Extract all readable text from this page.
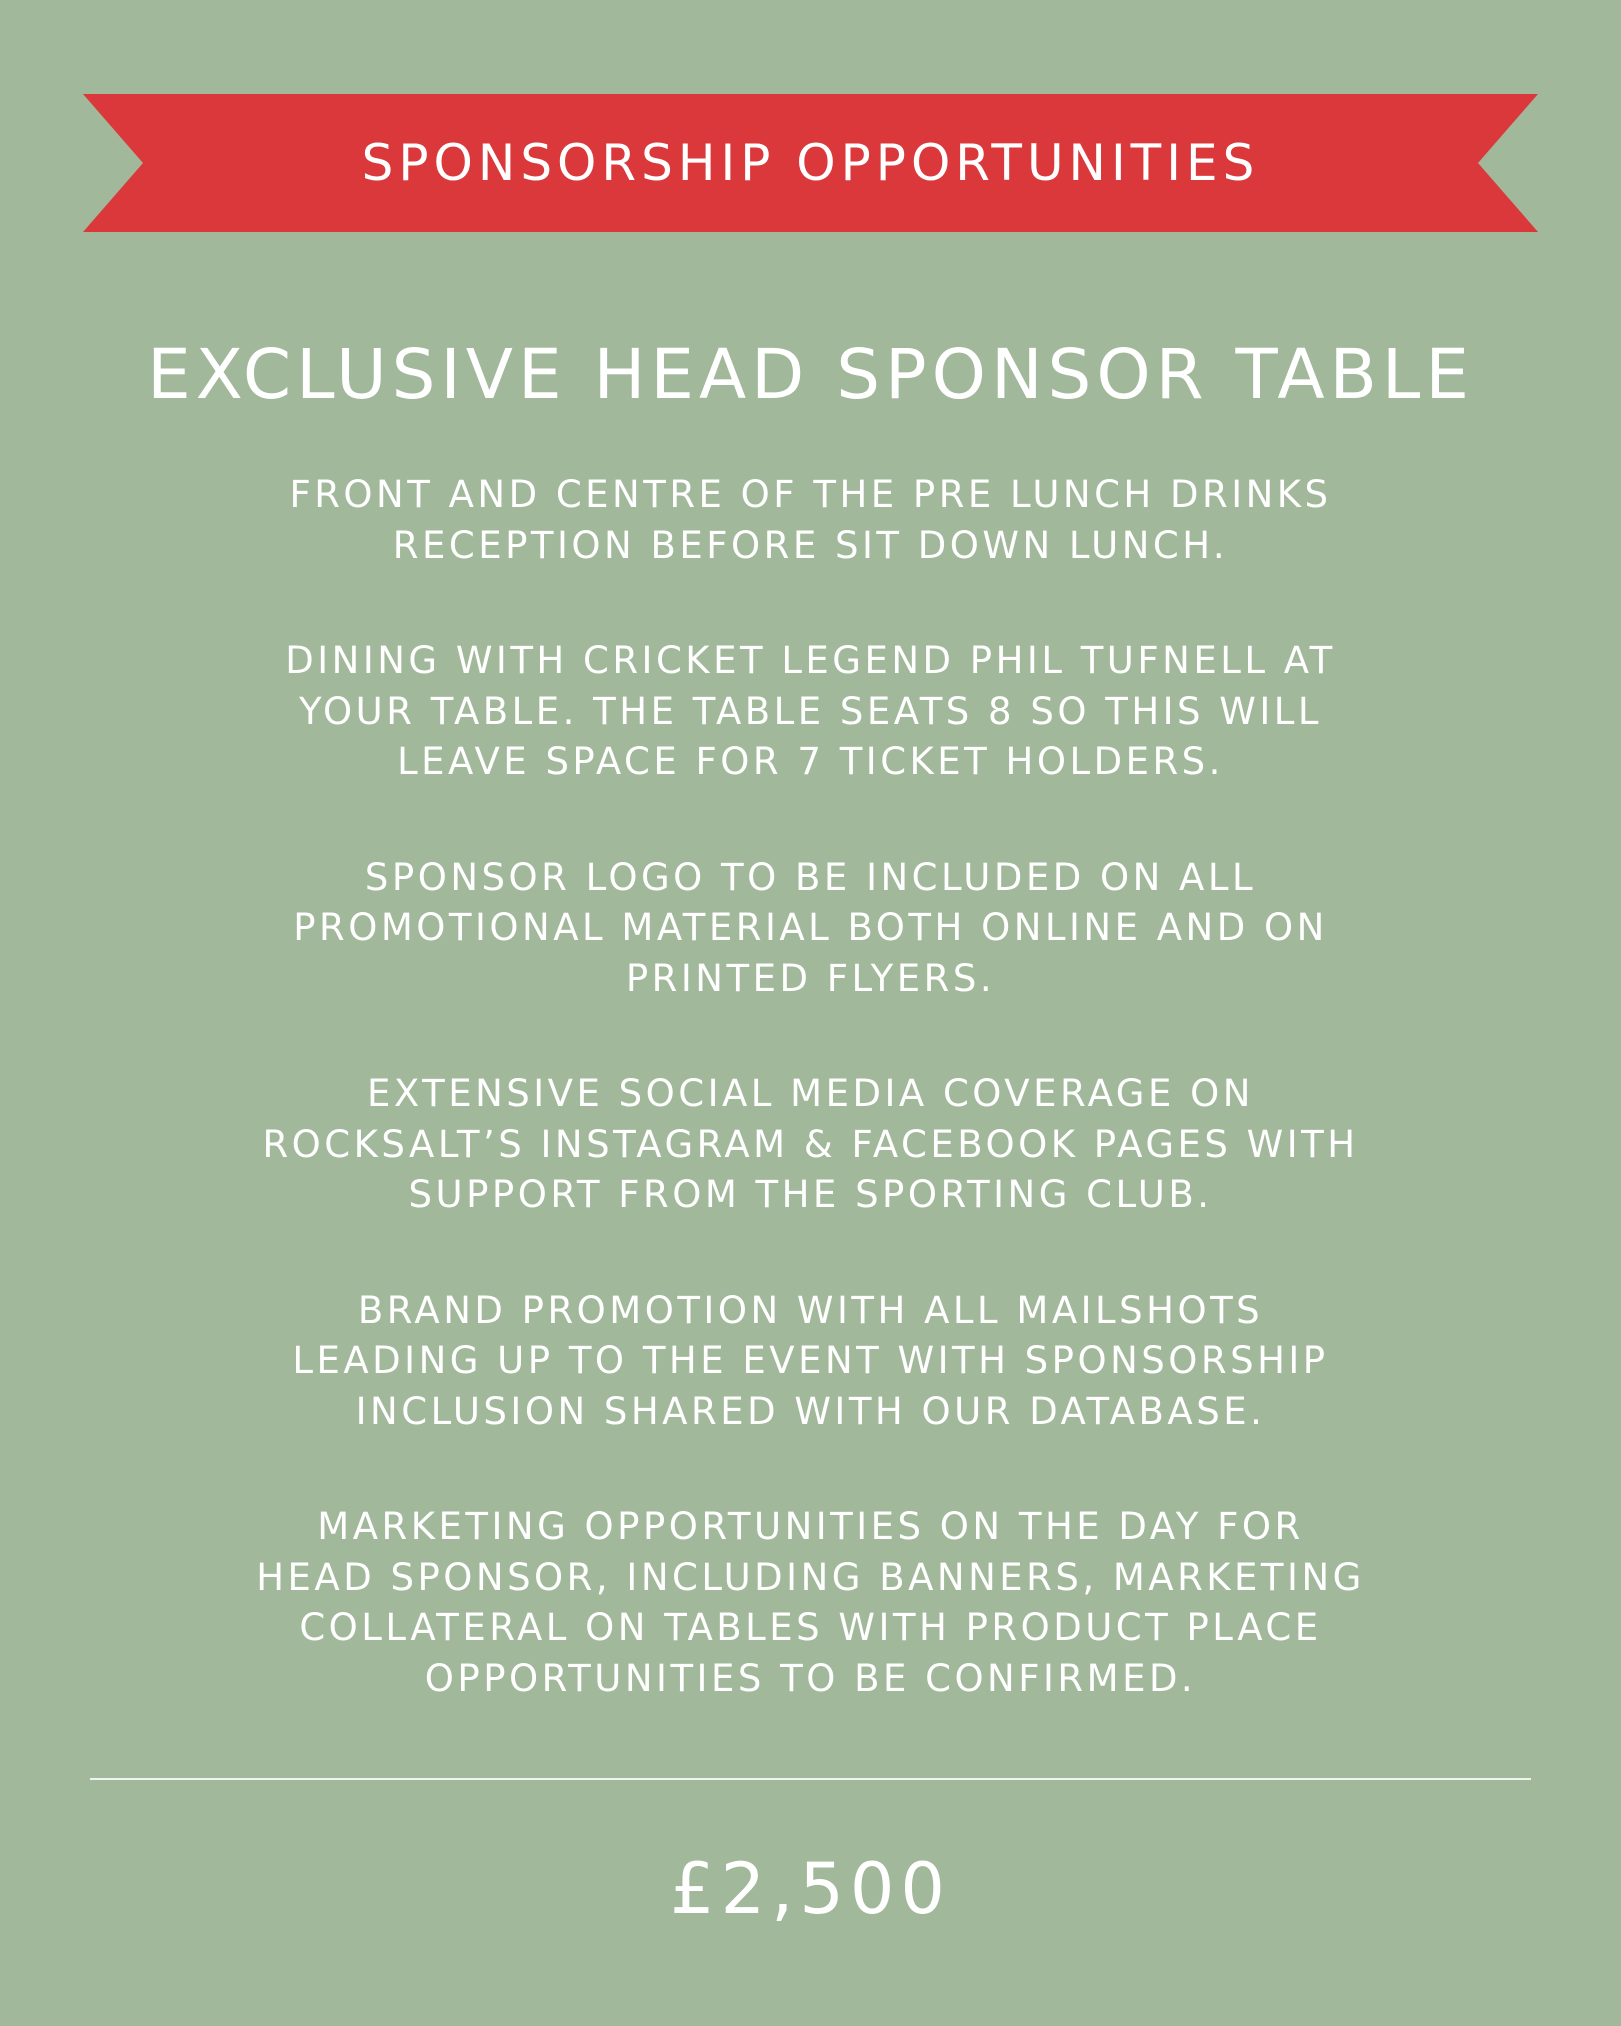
SPONSORSHIP OPPORTUNITIES
EXCLUSIVE HEAD SPONSOR TABLE
FRONT AND CENTRE OF THE PRE LUNCH DRINKS
RECEPTION BEFORE SIT DOWN LUNCH.
DINING WITH CRICKET LEGEND PHIL TUFNELL AT
YOUR TABLE. THE TABLE SEATS 8 SO THIS WILL
LEAVE SPACE FOR 7 TICKET HOLDERS.
SPONSOR LOGO TO BE INCLUDED ON ALL
PROMOTIONAL MATERIAL BOTH ONLINE AND ON
PRINTED FLYERS.
EXTENSIVE SOCIAL MEDIA COVERAGE ON
ROCKSALT’S INSTAGRAM & FACEBOOK PAGES WITH
SUPPORT FROM THE SPORTING CLUB.
BRAND PROMOTION WITH ALL MAILSHOTS
LEADING UP TO THE EVENT WITH SPONSORSHIP
INCLUSION SHARED WITH OUR DATABASE.
MARKETING OPPORTUNITIES ON THE DAY FOR
HEAD SPONSOR, INCLUDING BANNERS, MARKETING
COLLATERAL ON TABLES WITH PRODUCT PLACE
OPPORTUNITIES TO BE CONFIRMED.
£2,500
